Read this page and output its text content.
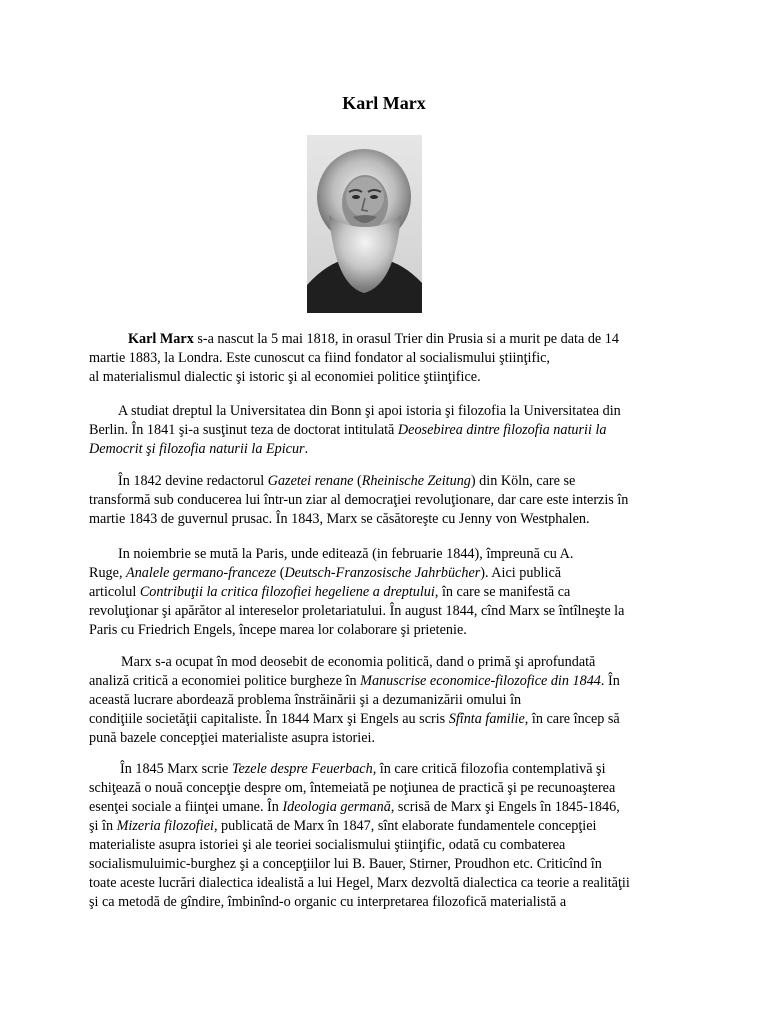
Karl Marx
Karl Marx s-a nascut la 5 mai 1818, in orasul Trier din Prusia si a murit pe data de 14
martie 1883, la Londra. Este cunoscut ca fiind fondator al socialismului ştiinţific,
al materialismul dialectic şi istoric şi al economiei politice ştiinţifice.
A studiat dreptul la Universitatea din Bonn şi apoi istoria şi filozofia la Universitatea din
Berlin. În 1841 şi-a susţinut teza de doctorat intitulată Deosebirea dintre filozofia naturii la
Democrit şi filozofia naturii la Epicur.
În 1842 devine redactorul Gazetei renane (Rheinische Zeitung) din Köln, care se
transformă sub conducerea lui într-un ziar al democraţiei revoluţionare, dar care este interzis în
martie 1843 de guvernul prusac. În 1843, Marx se căsătoreşte cu Jenny von Westphalen.
In noiembrie se mută la Paris, unde editează (in februarie 1844), împreună cu A.
Ruge, Analele germano-franceze (Deutsch-Franzosische Jahrbücher). Aici publică
articolul Contribuţii la critica filozofiei hegeliene a dreptului, în care se manifestă ca
revoluţionar şi apărător al intereselor proletariatului. În august 1844, cînd Marx se întîlneşte la
Paris cu Friedrich Engels, începe marea lor colaborare şi prietenie.
Marx s-a ocupat în mod deosebit de economia politică, dand o primă şi aprofundată
analiză critică a economiei politice burgheze în Manuscrise economice-filozofice din 1844. În
această lucrare abordează problema înstrăinării şi a dezumanizării omului în
condiţiile societăţii capitaliste. În 1844 Marx şi Engels au scris Sfînta familie, în care încep să
pună bazele concepţiei materialiste asupra istoriei.
În 1845 Marx scrie Tezele despre Feuerbach, în care critică filozofia contemplativă şi
schiţează o nouă concepţie despre om, întemeiată pe noţiunea de practică şi pe recunoaşterea
esenţei sociale a fiinţei umane. În Ideologia germană, scrisă de Marx şi Engels în 1845-1846,
şi în Mizeria filozofiei, publicată de Marx în 1847, sînt elaborate fundamentele concepţiei
materialiste asupra istoriei şi ale teoriei socialismului ştiinţific, odată cu combaterea
socialismuluimic-burghez şi a concepţiilor lui B. Bauer, Stirner, Proudhon etc. Criticînd în
toate aceste lucrări dialectica idealistă a lui Hegel, Marx dezvoltă dialectica ca teorie a realităţii
şi ca metodă de gîndire, îmbinînd-o organic cu interpretarea filozofică materialistă a
